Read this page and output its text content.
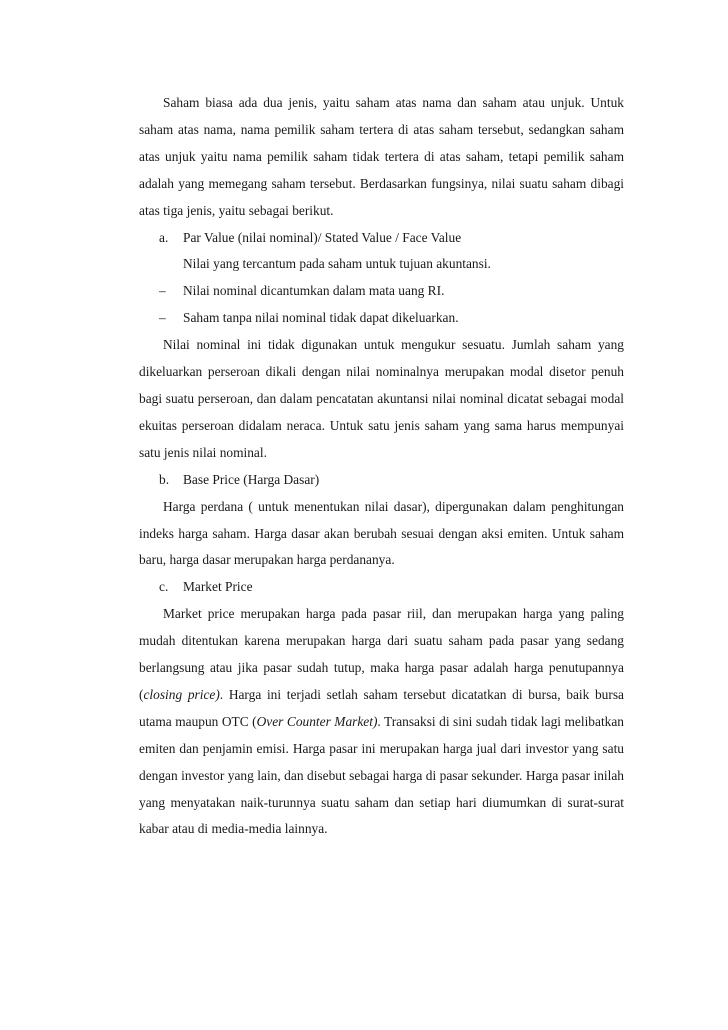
Saham biasa ada dua jenis, yaitu saham atas nama dan saham atau unjuk. Untuk saham atas nama, nama pemilik saham tertera di atas saham tersebut, sedangkan saham atas unjuk yaitu nama pemilik saham tidak tertera di atas saham, tetapi pemilik saham adalah yang memegang saham tersebut. Berdasarkan fungsinya, nilai suatu saham dibagi atas tiga jenis, yaitu sebagai berikut.

a.	Par Value (nilai nominal)/ Stated Value / Face Value

Nilai yang tercantum pada saham untuk tujuan akuntansi.

–	Nilai nominal dicantumkan dalam mata uang RI.
–	Saham tanpa nilai nominal tidak dapat dikeluarkan.

Nilai nominal ini tidak digunakan untuk mengukur sesuatu. Jumlah saham yang dikeluarkan perseroan dikali dengan nilai nominalnya merupakan modal disetor penuh bagi suatu perseroan, dan dalam pencatatan akuntansi nilai nominal dicatat sebagai modal ekuitas perseroan didalam neraca. Untuk satu jenis saham yang sama harus mempunyai satu jenis nilai nominal.

b.	Base Price (Harga Dasar)

Harga perdana ( untuk menentukan nilai dasar), dipergunakan dalam penghitungan indeks harga saham. Harga dasar akan berubah sesuai dengan aksi emiten. Untuk saham baru, harga dasar merupakan harga perdananya.

c.	Market Price

Market price merupakan harga pada pasar riil, dan merupakan harga yang paling mudah ditentukan karena merupakan harga dari suatu saham pada pasar yang sedang berlangsung atau jika pasar sudah tutup, maka harga pasar adalah harga penutupannya (closing price). Harga ini terjadi setlah saham tersebut dicatatkan di bursa, baik bursa utama maupun OTC (Over Counter Market). Transaksi di sini sudah tidak lagi melibatkan emiten dan penjamin emisi. Harga pasar ini merupakan harga jual dari investor yang satu dengan investor yang lain, dan disebut sebagai harga di pasar sekunder. Harga pasar inilah yang menyatakan naik-turunnya suatu saham dan setiap hari diumumkan di surat-surat kabar atau di media-media lainnya.
